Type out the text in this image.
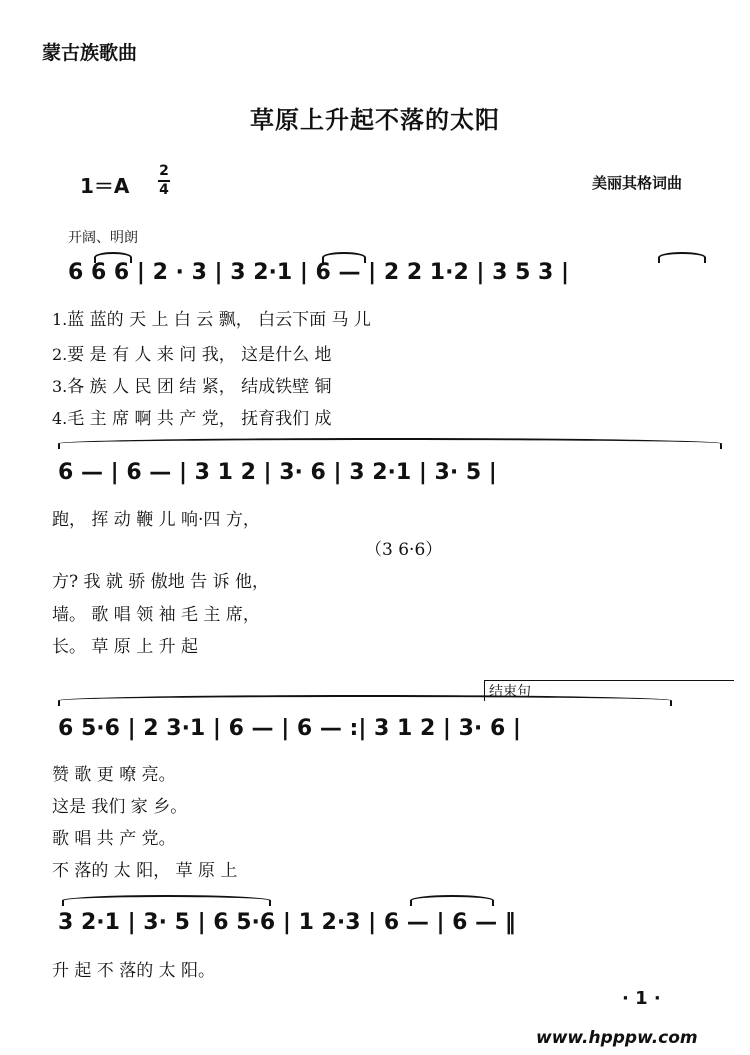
蒙古族歌曲
草原上升起不落的太阳
1＝A
2
4	美丽其格词曲
开阔、明朗
6 6 6 | 2 · 3 | 3 2·1 | 6 — | 2 2 1·2 | 3 5 3 |
1.蓝 蓝的 天 上 白 云 飘， 白云下面 马 儿
2.要 是 有 人 来 问 我， 这是什么 地
3.各 族 人 民 团 结 紧， 结成铁壁 铜
4.毛 主 席 啊 共 产 党， 抚育我们 成
6 — | 6 — | 3 1 2 | 3· 6 | 3 2·1 | 3· 5 |
跑， 挥 动 鞭 儿 响·四 方，
（3 6·6）
方? 我 就 骄 傲地 告 诉 他，
墙。 歌 唱 领 袖 毛 主 席，
长。 草 原 上 升 起
结束句
6 5·6 | 2 3·1 | 6 — | 6 — :| 3 1 2 | 3· 6 |
赞 歌 更 嘹 亮。
这是 我们 家 乡。
歌 唱 共 产 党。
不 落的 太 阳， 草 原 上
3 2·1 | 3· 5 | 6 5·6 | 1 2·3 | 6 — | 6 — ‖
升 起 不 落的 太 阳。
· 1 ·
www.hpppw.com
